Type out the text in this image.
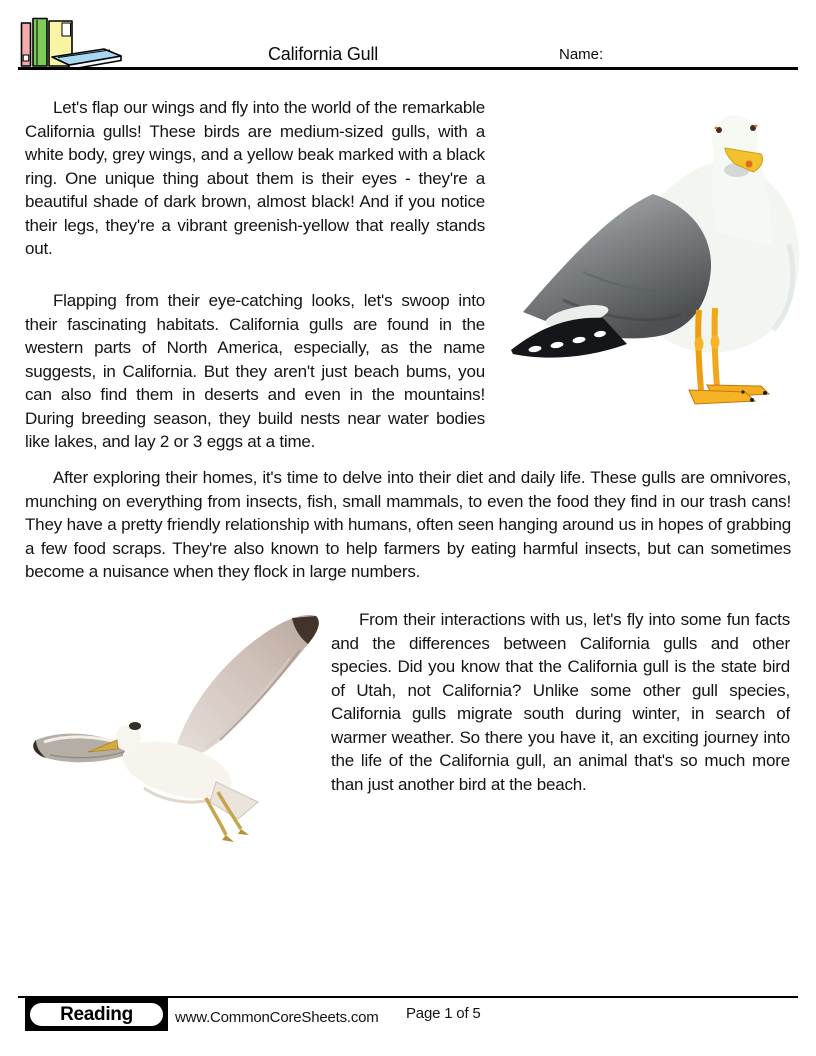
California Gull	Name:
Let's flap our wings and fly into the world of the remarkable California gulls! These birds are medium-sized gulls, with a white body, grey wings, and a yellow beak marked with a black ring. One unique thing about them is their eyes - they're a beautiful shade of dark brown, almost black! And if you notice their legs, they're a vibrant greenish-yellow that really stands out.
Flapping from their eye-catching looks, let's swoop into their fascinating habitats. California gulls are found in the western parts of North America, especially, as the name suggests, in California. But they aren't just beach bums, you can also find them in deserts and even in the mountains! During breeding season, they build nests near water bodies like lakes, and lay 2 or 3 eggs at a time.
After exploring their homes, it's time to delve into their diet and daily life. These gulls are omnivores, munching on everything from insects, fish, small mammals, to even the food they find in our trash cans! They have a pretty friendly relationship with humans, often seen hanging around us in hopes of grabbing a few food scraps. They're also known to help farmers by eating harmful insects, but can sometimes become a nuisance when they flock in large numbers.
From their interactions with us, let's fly into some fun facts and the differences between California gulls and other species. Did you know that the California gull is the state bird of Utah, not California? Unlike some other gull species, California gulls migrate south during winter, in search of warmer weather. So there you have it, an exciting journey into the life of the California gull, an animal that's so much more than just another bird at the beach.
Reading	www.CommonCoreSheets.com Page 1 of 5
